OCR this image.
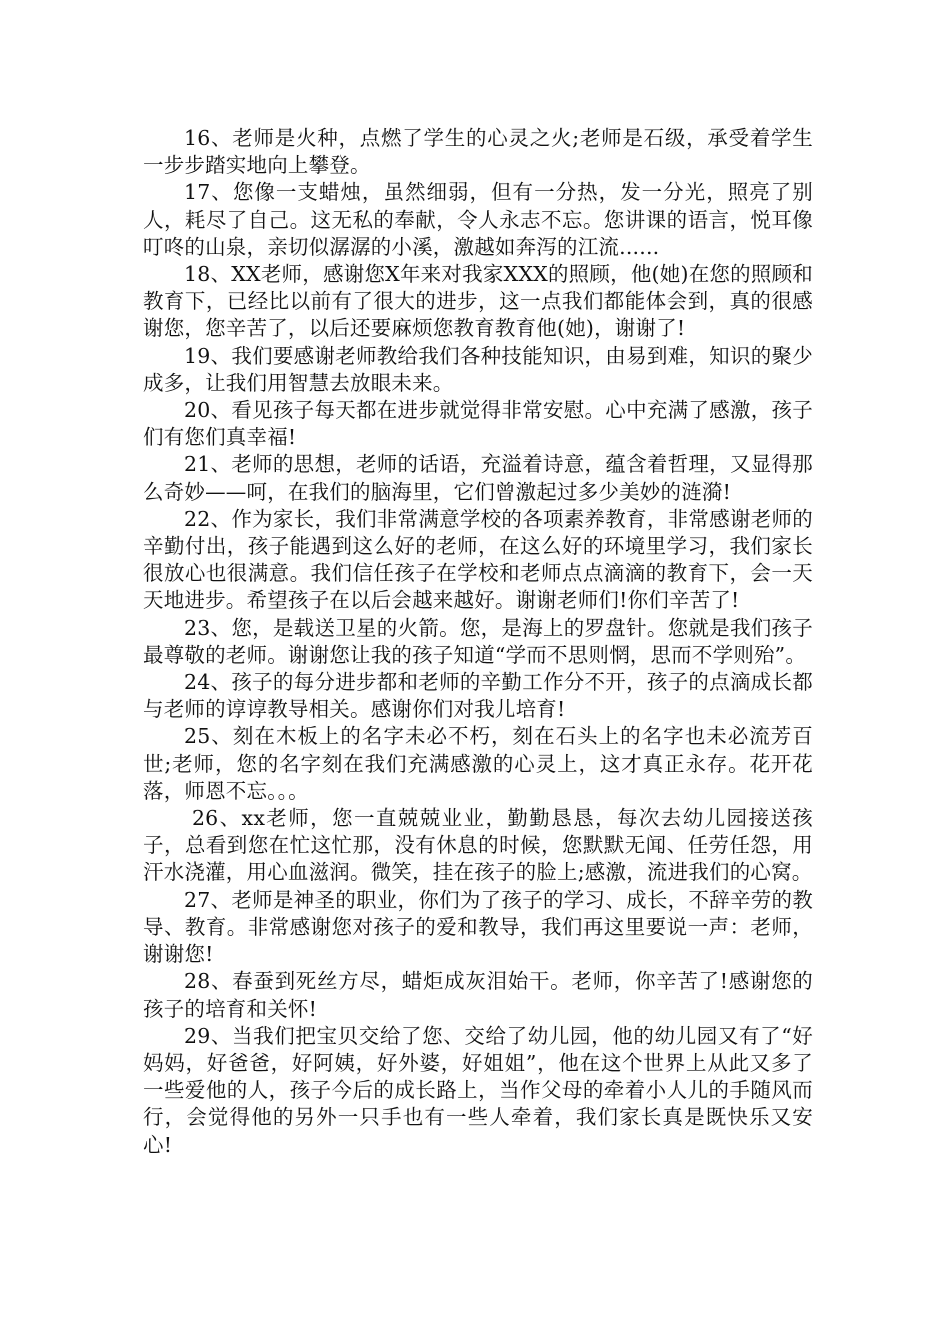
16、老师是火种，点燃了学生的心灵之火;老师是石级，承受着学生一步步踏实地向上攀登。

17、您像一支蜡烛，虽然细弱，但有一分热，发一分光，照亮了别人，耗尽了自己。这无私的奉献，令人永志不忘。您讲课的语言，悦耳像叮咚的山泉，亲切似潺潺的小溪，激越如奔泻的江流......

18、XX老师，感谢您X年来对我家XXX的照顾，他(她)在您的照顾和教育下，已经比以前有了很大的进步，这一点我们都能体会到，真的很感谢您，您辛苦了，以后还要麻烦您教育教育他(她)，谢谢了!

19、我们要感谢老师教给我们各种技能知识，由易到难，知识的聚少成多，让我们用智慧去放眼未来。

20、看见孩子每天都在进步就觉得非常安慰。心中充满了感激，孩子们有您们真幸福!

21、老师的思想，老师的话语，充溢着诗意，蕴含着哲理，又显得那么奇妙——呵，在我们的脑海里，它们曾激起过多少美妙的涟漪!

22、作为家长，我们非常满意学校的各项素养教育，非常感谢老师的辛勤付出，孩子能遇到这么好的老师，在这么好的环境里学习，我们家长很放心也很满意。我们信任孩子在学校和老师点点滴滴的教育下，会一天天地进步。希望孩子在以后会越来越好。谢谢老师们!你们辛苦了!

23、您，是载送卫星的火箭。您，是海上的罗盘针。您就是我们孩子最尊敬的老师。谢谢您让我的孩子知道“学而不思则惘，思而不学则殆”。

24、孩子的每分进步都和老师的辛勤工作分不开，孩子的点滴成长都与老师的谆谆教导相关。感谢你们对我儿培育!

25、刻在木板上的名字未必不朽，刻在石头上的名字也未必流芳百世;老师，您的名字刻在我们充满感激的心灵上，这才真正永存。花开花落，师恩不忘。。。

26、xx老师，您一直兢兢业业，勤勤恳恳，每次去幼儿园接送孩子，总看到您在忙这忙那，没有休息的时候，您默默无闻、任劳任怨，用汗水浇灌，用心血滋润。微笑，挂在孩子的脸上;感激，流进我们的心窝。

27、老师是神圣的职业，你们为了孩子的学习、成长，不辞辛劳的教导、教育。非常感谢您对孩子的爱和教导，我们再这里要说一声：老师，谢谢您!

28、春蚕到死丝方尽，蜡炬成灰泪始干。老师，你辛苦了!感谢您的孩子的培育和关怀!

29、当我们把宝贝交给了您、交给了幼儿园，他的幼儿园又有了“好妈妈，好爸爸，好阿姨，好外婆，好姐姐”，他在这个世界上从此又多了一些爱他的人，孩子今后的成长路上，当作父母的牵着小人儿的手随风而行，会觉得他的另外一只手也有一些人牵着，我们家长真是既快乐又安心!
